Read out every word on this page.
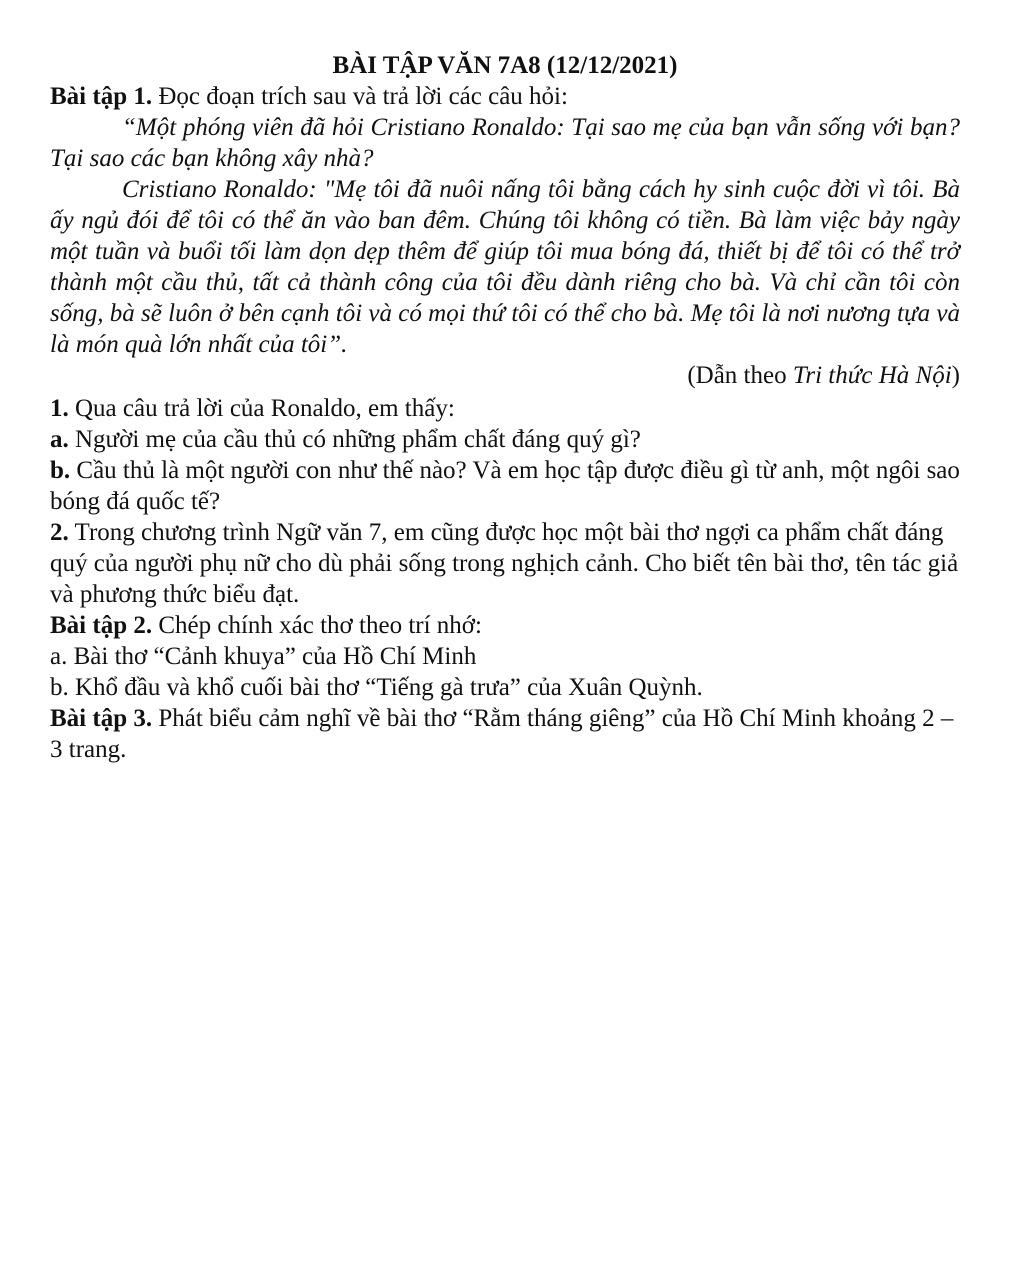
BÀI TẬP VĂN 7A8 (12/12/2021)

Bài tập 1. Đọc đoạn trích sau và trả lời các câu hỏi:

“Một phóng viên đã hỏi Cristiano Ronaldo: Tại sao mẹ của bạn vẫn sống với bạn? Tại sao các bạn không xây nhà?

Cristiano Ronaldo: "Mẹ tôi đã nuôi nấng tôi bằng cách hy sinh cuộc đời vì tôi. Bà ấy ngủ đói để tôi có thể ăn vào ban đêm. Chúng tôi không có tiền. Bà làm việc bảy ngày một tuần và buổi tối làm dọn dẹp thêm để giúp tôi mua bóng đá, thiết bị để tôi có thể trở thành một cầu thủ, tất cả thành công của tôi đều dành riêng cho bà. Và chỉ cần tôi còn sống, bà sẽ luôn ở bên cạnh tôi và có mọi thứ tôi có thể cho bà. Mẹ tôi là nơi nương tựa và là món quà lớn nhất của tôi”.

(Dẫn theo Tri thức Hà Nội)

1. Qua câu trả lời của Ronaldo, em thấy:

a. Người mẹ của cầu thủ có những phẩm chất đáng quý gì?

b. Cầu thủ là một người con như thế nào? Và em học tập được điều gì từ anh, một ngôi sao bóng đá quốc tế?

2. Trong chương trình Ngữ văn 7, em cũng được học một bài thơ ngợi ca phẩm chất đáng quý của người phụ nữ cho dù phải sống trong nghịch cảnh. Cho biết tên bài thơ, tên tác giả và phương thức biểu đạt.

Bài tập 2. Chép chính xác thơ theo trí nhớ:

a. Bài thơ “Cảnh khuya” của Hồ Chí Minh

b. Khổ đầu và khổ cuối bài thơ “Tiếng gà trưa” của Xuân Quỳnh.

Bài tập 3. Phát biểu cảm nghĩ về bài thơ “Rằm tháng giêng” của Hồ Chí Minh khoảng 2 – 3 trang.
